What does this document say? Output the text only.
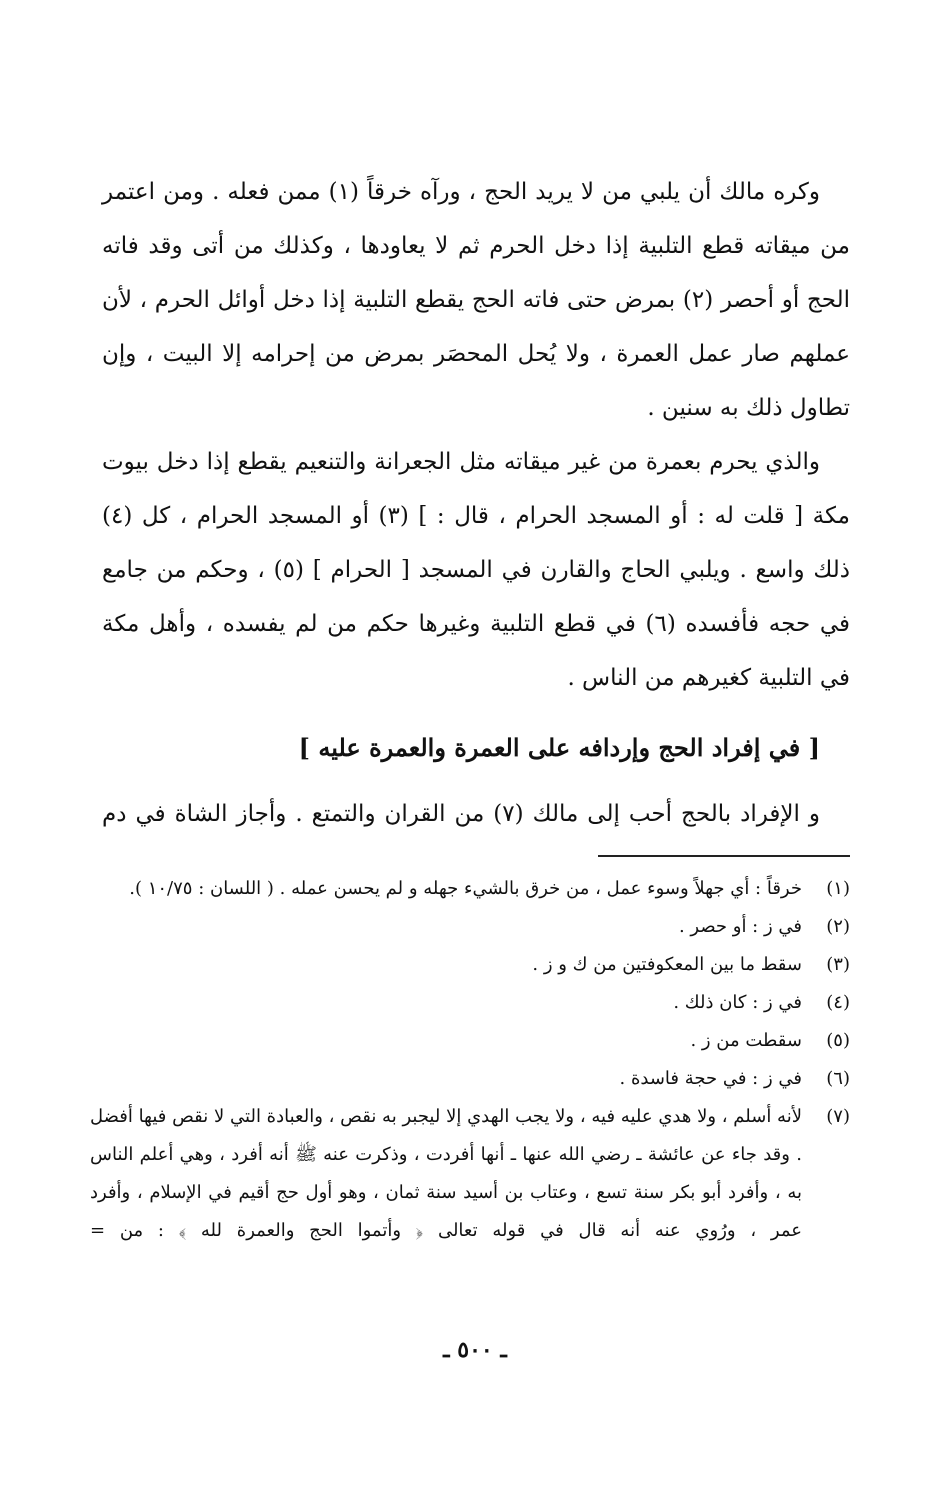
وكره مالك أن يلبي من لا يريد الحج ، ورآه خرقاً (١) ممن فعله . ومن اعتمر من ميقاته قطع التلبية إذا دخل الحرم ثم لا يعاودها ، وكذلك من أتى وقد فاته الحج أو أحصر (٢) بمرض حتى فاته الحج يقطع التلبية إذا دخل أوائل الحرم ، لأن عملهم صار عمل العمرة ، ولا يُحل المحصَر بمرض من إحرامه إلا البيت ، وإن تطاول ذلك به سنين .

والذي يحرم بعمرة من غير ميقاته مثل الجعرانة والتنعيم يقطع إذا دخل بيوت مكة [ قلت له : أو المسجد الحرام ، قال : ] (٣) أو المسجد الحرام ، كل (٤) ذلك واسع . ويلبي الحاج والقارن في المسجد [ الحرام ] (٥) ، وحكم من جامع في حجه فأفسده (٦) في قطع التلبية وغيرها حكم من لم يفسده ، وأهل مكة في التلبية كغيرهم من الناس .

[ في إفراد الحج وإردافه على العمرة والعمرة عليه ]
و الإفراد بالحج أحب إلى مالك (٧) من القران والتمتع . وأجاز الشاة في دم
(١)
خرقاً : أي جهلاً وسوء عمل ، من خرق بالشيء جهله و لم يحسن عمله . ( اللسان : ١٠/٧٥ ).
(٢)
في ز : أو حصر .
(٣)
سقط ما بين المعكوفتين من ك و ز .
(٤)
في ز : كان ذلك .
(٥)
سقطت من ز .
(٦)
في ز : في حجة فاسدة .
(٧)
لأنه أسلم ، ولا هدي عليه فيه ، ولا يجب الهدي إلا ليجبر به نقص ، والعبادة التي لا نقص فيها أفضل . وقد جاء عن عائشة ـ رضي الله عنها ـ أنها أفردت ، وذكرت عنه ﷺ أنه أفرد ، وهي أعلم الناس به ، وأفرد أبو بكر سنة تسع ، وعتاب بن أسيد سنة ثمان ، وهو أول حج أقيم في الإسلام ، وأفرد عمر ، ورُوي عنه أنه قال في قوله تعالى ﴿ وأتموا الحج والعمرة لله ﴾ : من =
ـ ٥٠٠ ـ
